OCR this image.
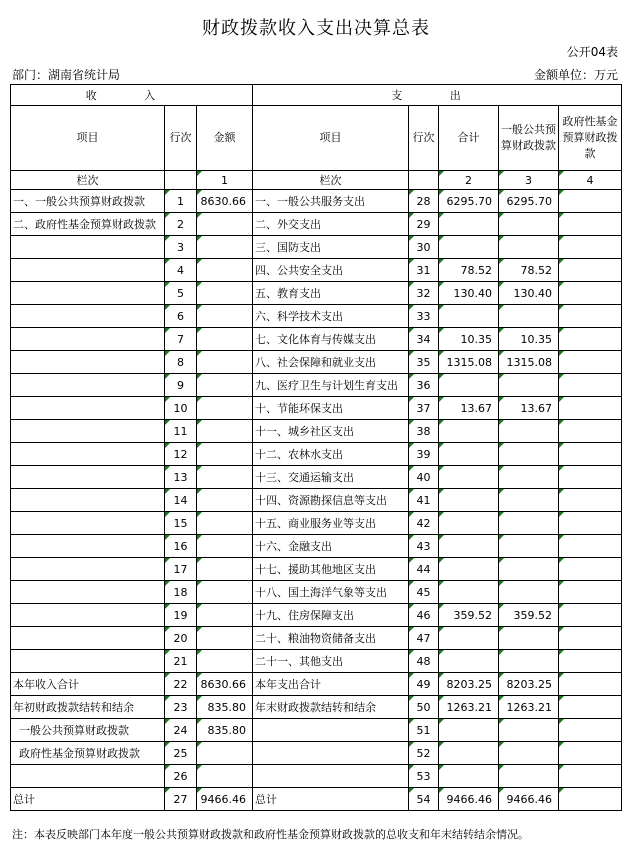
财政拨款收入支出决算总表
公开04表
部门：湖南省统计局	金额单位：万元
收 入			支 出				
项目	行次	金额	项目	行次	合计	一般公共预算财政拨款	政府性基金预算财政拨款
栏次		1	栏次		2	3	4
一、一般公共预算财政拨款	1	8630.66	一、一般公共服务支出	28	6295.70	6295.70	
二、政府性基金预算财政拨款	2		二、外交支出	29			
	3		三、国防支出	30			
	4		四、公共安全支出	31	78.52	78.52	
	5		五、教育支出	32	130.40	130.40	
	6		六、科学技术支出	33			
	7		七、文化体育与传媒支出	34	10.35	10.35	
	8		八、社会保障和就业支出	35	1315.08	1315.08	
	9		九、医疗卫生与计划生育支出	36			
	10		十、节能环保支出	37	13.67	13.67	
	11		十一、城乡社区支出	38			
	12		十二、农林水支出	39			
	13		十三、交通运输支出	40			
	14		十四、资源勘探信息等支出	41			
	15		十五、商业服务业等支出	42			
	16		十六、金融支出	43			
	17		十七、援助其他地区支出	44			
	18		十八、国土海洋气象等支出	45			
	19		十九、住房保障支出	46	359.52	359.52	
	20		二十、粮油物资储备支出	47			
	21		二十一、其他支出	48			
本年收入合计	22	8630.66	本年支出合计	49	8203.25	8203.25	
年初财政拨款结转和结余	23	835.80	年末财政拨款结转和结余	50	1263.21	1263.21	
一般公共预算财政拨款	24	835.80		51			
政府性基金预算财政拨款	25			52			
	26			53			
总计	27	9466.46	总计	54	9466.46	9466.46	
注：本表反映部门本年度一般公共预算财政拨款和政府性基金预算财政拨款的总收支和年末结转结余情况。
